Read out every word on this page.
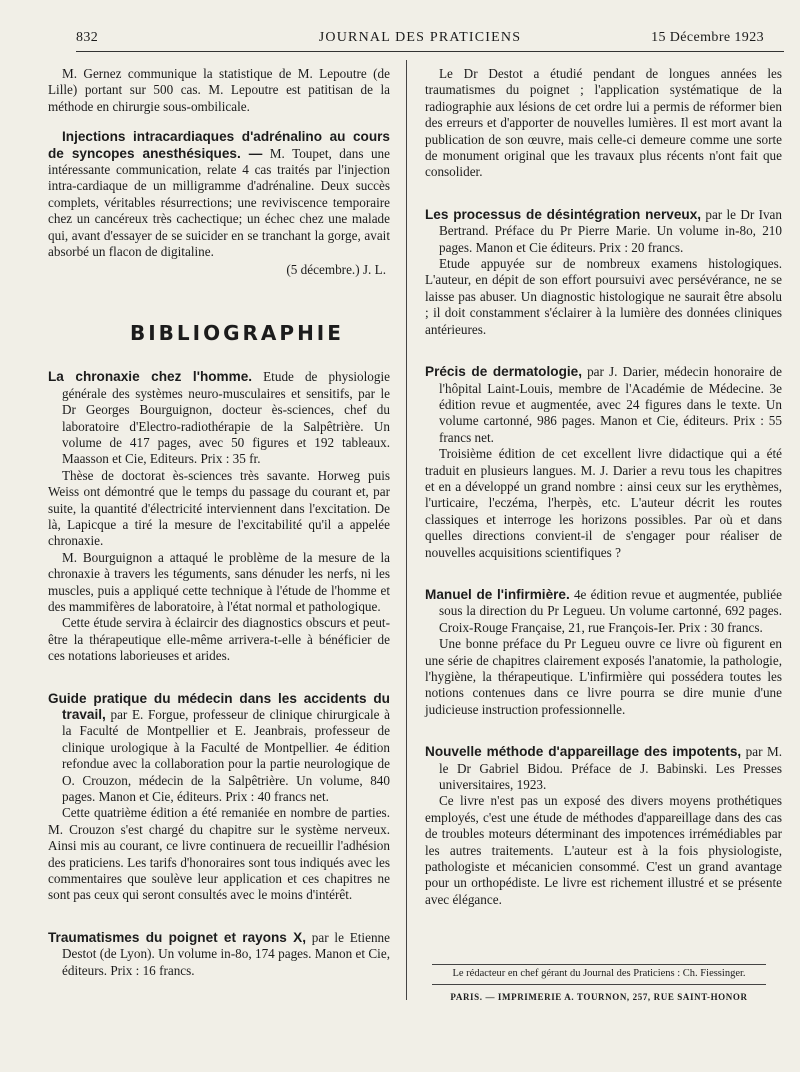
832	JOURNAL DES PRATICIENS	15 Décembre 1923

M. Gernez communique la statistique de M. Lepoutre (de Lille) portant sur 500 cas. M. Lepoutre est patitisan de la méthode en chirurgie sous-ombilicale.

Injections intracardiaques d'adrénalino au cours de syncopes anesthésiques. — M. Toupet, dans une intéressante communication, relate 4 cas traités par l'injection intra-cardiaque de un milligramme d'adrénaline. Deux succès complets, véritables résurrections; une reviviscence temporaire chez un cancéreux très cachectique; un échec chez une malade qui, avant d'essayer de se suicider en se tranchant la gorge, avait absorbé un flacon de digitaline.

(5 décembre.) J. L.

BIBLIOGRAPHIE

La chronaxie chez l'homme. Etude de physiologie générale des systèmes neuro-musculaires et sensitifs, par le Dr Georges Bourguignon, docteur ès-sciences, chef du laboratoire d'Electro-radiothérapie de la Salpêtrière. Un volume de 417 pages, avec 50 figures et 192 tableaux. Maasson et Cie, Editeurs. Prix : 35 fr.

Thèse de doctorat ès-sciences très savante. Horweg puis Weiss ont démontré que le temps du passage du courant et, par suite, la quantité d'électricité interviennent dans l'excitation. De là, Lapicque a tiré la mesure de l'excitabilité qu'il a appelée chronaxie.

M. Bourguignon a attaqué le problème de la mesure de la chronaxie à travers les téguments, sans dénuder les nerfs, ni les muscles, puis a appliqué cette technique à l'étude de l'homme et des mammifères de laboratoire, à l'état normal et pathologique.

Cette étude servira à éclaircir des diagnostics obscurs et peut-être la thérapeutique elle-même arrivera-t-elle à bénéficier de ces notations laborieuses et arides.

Guide pratique du médecin dans les accidents du travail, par E. Forgue, professeur de clinique chirurgicale à la Faculté de Montpellier et E. Jeanbrais, professeur de clinique urologique à la Faculté de Montpellier. 4e édition refondue avec la collaboration pour la partie neurologique de O. Crouzon, médecin de la Salpêtrière. Un volume, 840 pages. Manon et Cie, éditeurs. Prix : 40 francs net.

Cette quatrième édition a été remaniée en nombre de parties. M. Crouzon s'est chargé du chapitre sur le système nerveux. Ainsi mis au courant, ce livre continuera de recueillir l'adhésion des praticiens. Les tarifs d'honoraires sont tous indiqués avec les commentaires que soulève leur application et ces chapitres ne sont pas ceux qui seront consultés avec le moins d'intérêt.

Traumatismes du poignet et rayons X, par le Etienne Destot (de Lyon). Un volume in-8o, 174 pages. Manon et Cie, éditeurs. Prix : 16 francs.

Le Dr Destot a étudié pendant de longues années les traumatismes du poignet ; l'application systématique de la radiographie aux lésions de cet ordre lui a permis de réformer bien des erreurs et d'apporter de nouvelles lumières. Il est mort avant la publication de son œuvre, mais celle-ci demeure comme une sorte de monument original que les travaux plus récents n'ont fait que consolider.

Les processus de désintégration nerveux, par le Dr Ivan Bertrand. Préface du Pr Pierre Marie. Un volume in-8o, 210 pages. Manon et Cie éditeurs. Prix : 20 francs.

Etude appuyée sur de nombreux examens histologiques. L'auteur, en dépit de son effort poursuivi avec persévérance, ne se laisse pas abuser. Un diagnostic histologique ne saurait être absolu ; il doit constamment s'éclairer à la lumière des données cliniques antérieures.

Précis de dermatologie, par J. Darier, médecin honoraire de l'hôpital Laint-Louis, membre de l'Académie de Médecine. 3e édition revue et augmentée, avec 24 figures dans le texte. Un volume cartonné, 986 pages. Manon et Cie, éditeurs. Prix : 55 francs net.

Troisième édition de cet excellent livre didactique qui a été traduit en plusieurs langues. M. J. Darier a revu tous les chapitres et en a développé un grand nombre : ainsi ceux sur les erythèmes, l'urticaire, l'eczéma, l'herpès, etc. L'auteur décrit les routes classiques et interroge les horizons possibles. Par où et dans quelles directions convient-il de s'engager pour réaliser de nouvelles acquisitions scientifiques ?

Manuel de l'infirmière. 4e édition revue et augmentée, publiée sous la direction du Pr Legueu. Un volume cartonné, 692 pages. Croix-Rouge Française, 21, rue François-Ier. Prix : 30 francs.

Une bonne préface du Pr Legueu ouvre ce livre où figurent en une série de chapitres clairement exposés l'anatomie, la pathologie, l'hygiène, la thérapeutique. L'infirmière qui possédera toutes les notions contenues dans ce livre pourra se dire munie d'une judicieuse instruction professionnelle.

Nouvelle méthode d'appareillage des impotents, par M. le Dr Gabriel Bidou. Préface de J. Babinski. Les Presses universitaires, 1923.

Ce livre n'est pas un exposé des divers moyens prothétiques employés, c'est une étude de méthodes d'appareillage dans des cas de troubles moteurs déterminant des impotences irrémédiables par les autres traitements. L'auteur est à la fois physiologiste, pathologiste et mécanicien consommé. C'est un grand avantage pour un orthopédiste. Le livre est richement illustré et se présente avec élégance.

Le rédacteur en chef gérant du Journal des Praticiens : Ch. Fiessinger.
PARIS. — IMPRIMERIE A. TOURNON, 257, RUE SAINT-HONOR
